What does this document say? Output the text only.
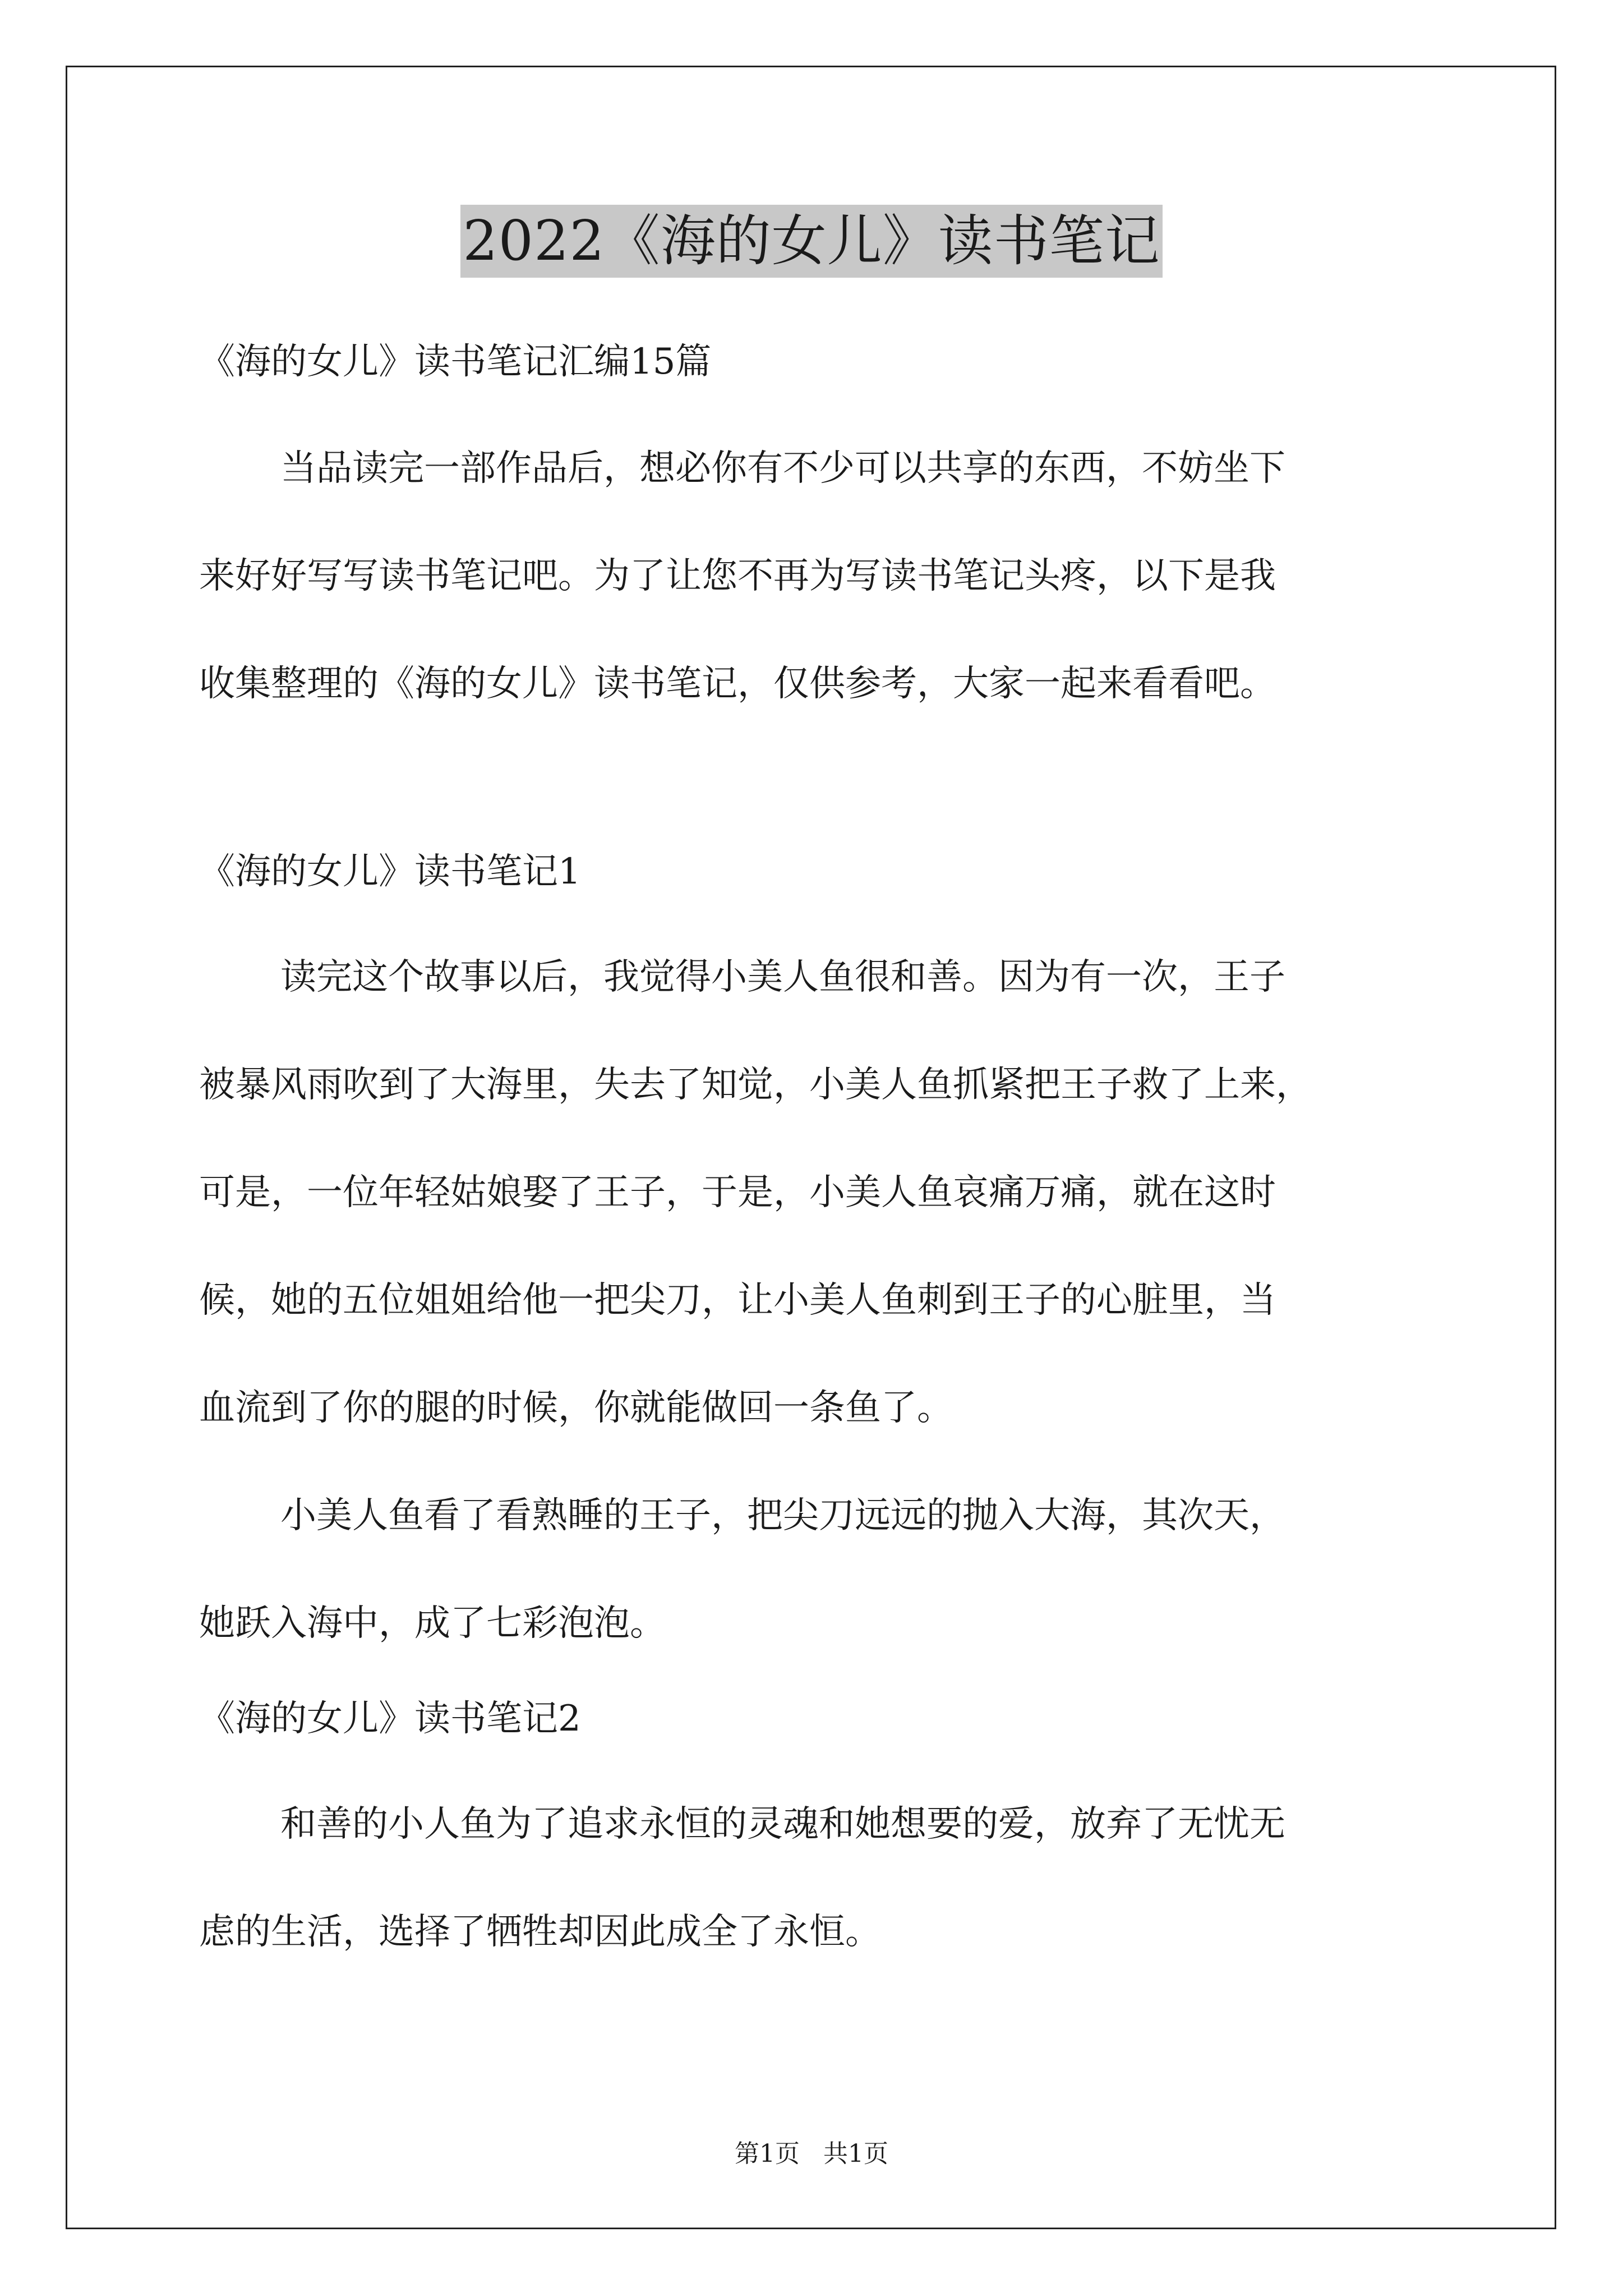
2022《海的女儿》读书笔记
《海的女儿》读书笔记汇编15篇
当品读完一部作品后，想必你有不少可以共享的东西，不妨坐下
来好好写写读书笔记吧。为了让您不再为写读书笔记头疼，以下是我
收集整理的《海的女儿》读书笔记，仅供参考，大家一起来看看吧。
《海的女儿》读书笔记1
读完这个故事以后，我觉得小美人鱼很和善。因为有一次，王子
被暴风雨吹到了大海里，失去了知觉，小美人鱼抓紧把王子救了上来，
可是，一位年轻姑娘娶了王子，于是，小美人鱼哀痛万痛，就在这时
候，她的五位姐姐给他一把尖刀，让小美人鱼刺到王子的心脏里，当
血流到了你的腿的时候，你就能做回一条鱼了。
小美人鱼看了看熟睡的王子，把尖刀远远的抛入大海，其次天，
她跃入海中，成了七彩泡泡。
《海的女儿》读书笔记2
和善的小人鱼为了追求永恒的灵魂和她想要的爱，放弃了无忧无
虑的生活，选择了牺牲却因此成全了永恒。
第1页 共1页
